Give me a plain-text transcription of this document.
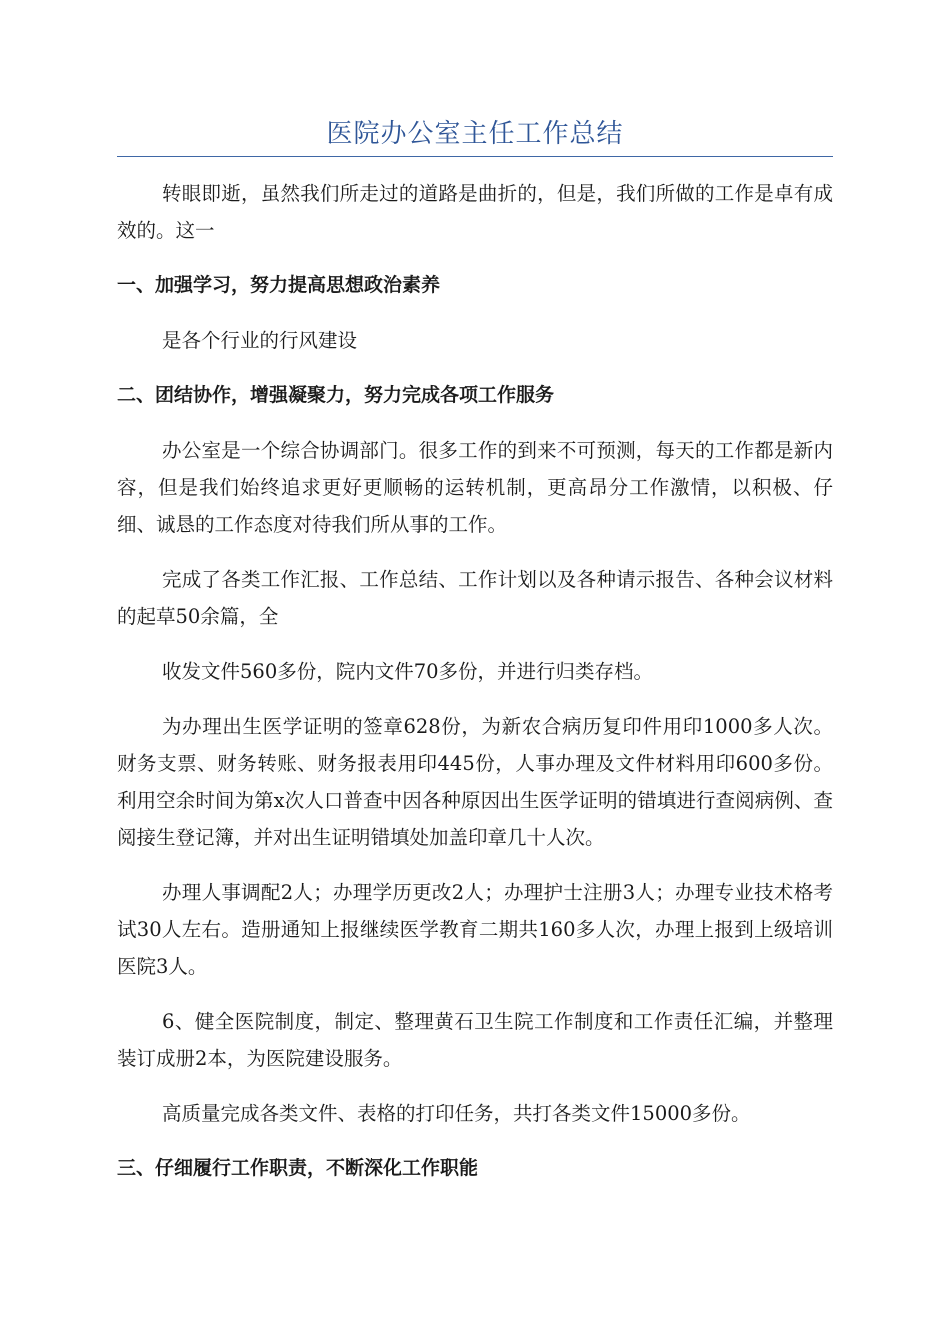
医院办公室主任工作总结

转眼即逝，虽然我们所走过的道路是曲折的，但是，我们所做的工作是卓有成效的。这一

一、加强学习，努力提高思想政治素养

是各个行业的行风建设

二、团结协作，增强凝聚力，努力完成各项工作服务

办公室是一个综合协调部门。很多工作的到来不可预测，每天的工作都是新内容，但是我们始终追求更好更顺畅的运转机制，更高昂分工作激情，以积极、仔细、诚恳的工作态度对待我们所从事的工作。

完成了各类工作汇报、工作总结、工作计划以及各种请示报告、各种会议材料的起草50余篇，全

收发文件560多份，院内文件70多份，并进行归类存档。

为办理出生医学证明的签章628份，为新农合病历复印件用印1000多人次。财务支票、财务转账、财务报表用印445份，人事办理及文件材料用印600多份。利用空余时间为第x次人口普查中因各种原因出生医学证明的错填进行查阅病例、查阅接生登记簿，并对出生证明错填处加盖印章几十人次。

办理人事调配2人；办理学历更改2人；办理护士注册3人；办理专业技术格考试30人左右。造册通知上报继续医学教育二期共160多人次，办理上报到上级培训医院3人。

6、健全医院制度，制定、整理黄石卫生院工作制度和工作责任汇编，并整理装订成册2本，为医院建设服务。

高质量完成各类文件、表格的打印任务，共打各类文件15000多份。

三、仔细履行工作职责，不断深化工作职能
